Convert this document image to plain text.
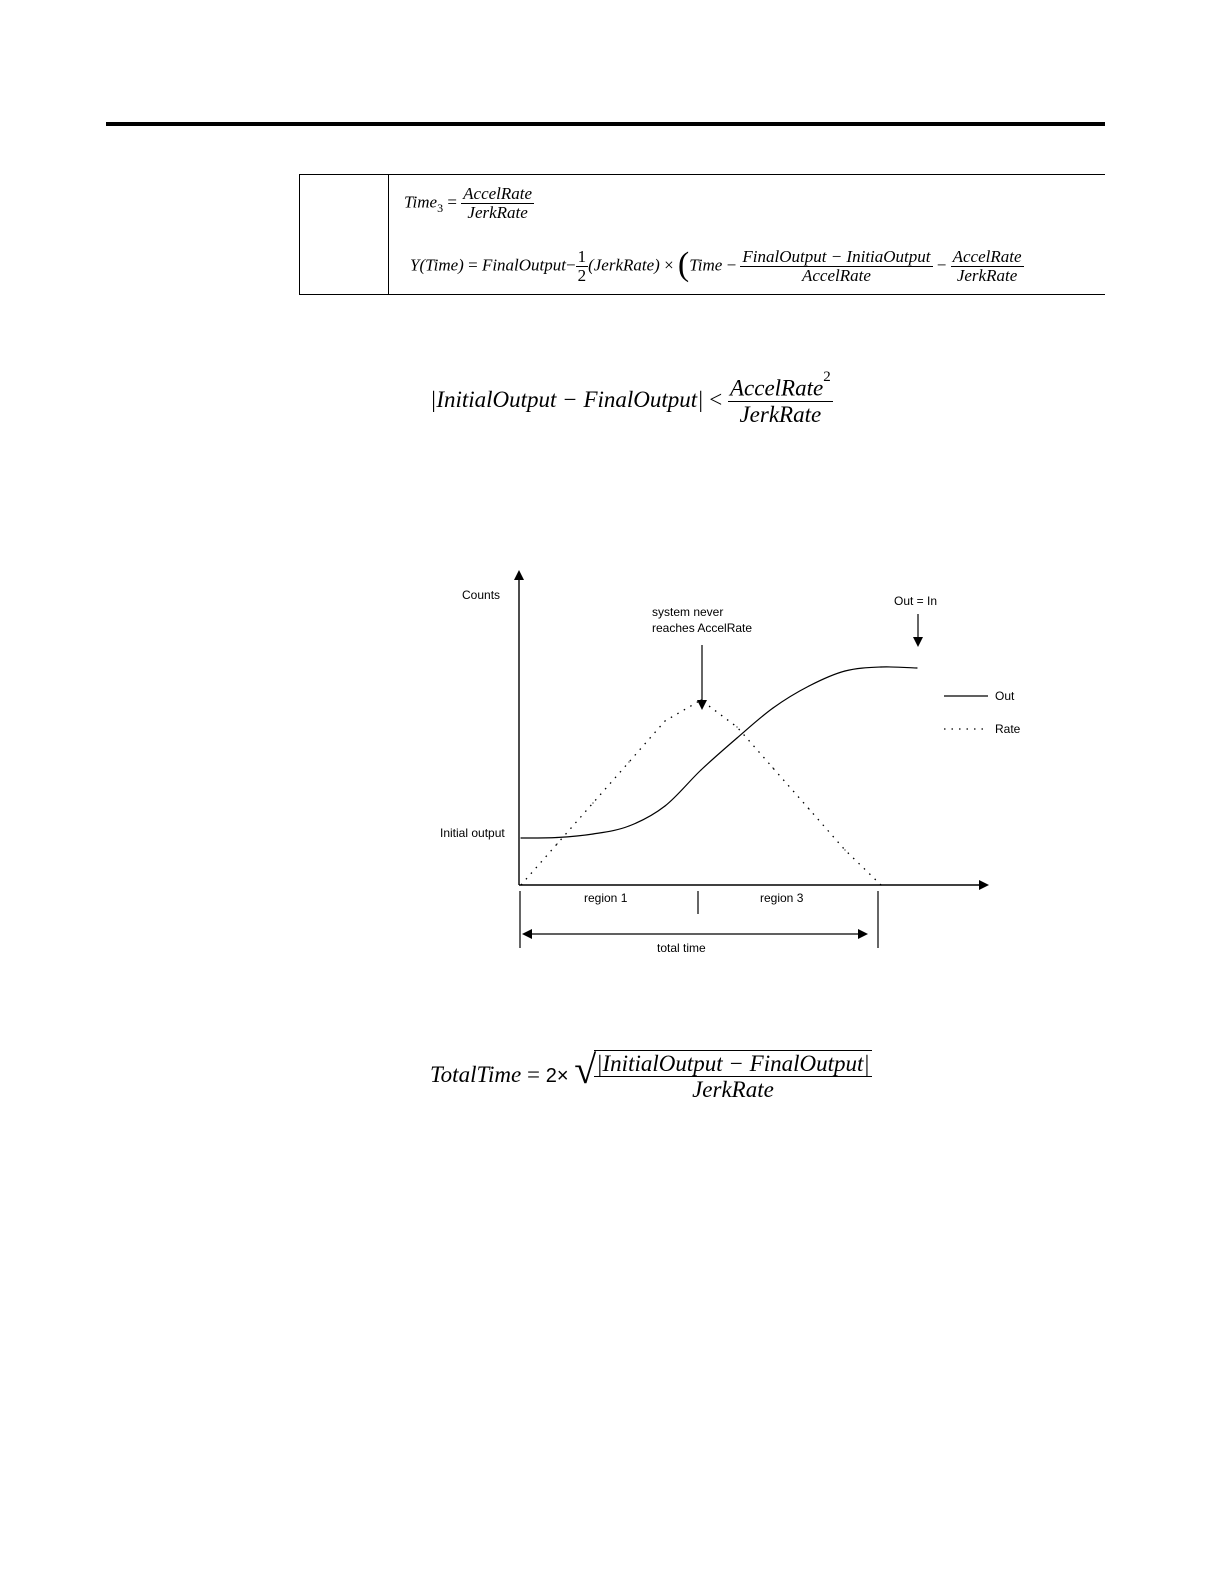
Time$_3$ = $\frac{\text{AccelRate}}{\text{JerkRate}}$
Y(Time) = FinalOutput− $\frac{1}{2}$ (JerkRate) × (Time − $\frac{\text{FinalOutput − InitiaOutput}}{\text{AccelRate}} - \frac{\text{AccelRate}}{\text{JerkRate}}$
|InitialOutput − FinalOutput| < $\frac{AccelRate^2}{\text{JerkRate}}$
Counts
Initial output
system never
reaches AccelRate
Out = In
Out
Rate
region 1	region 3
total time
TotalTime = 2× √ |InitialOutput − FinalOutput|
JerkRate
